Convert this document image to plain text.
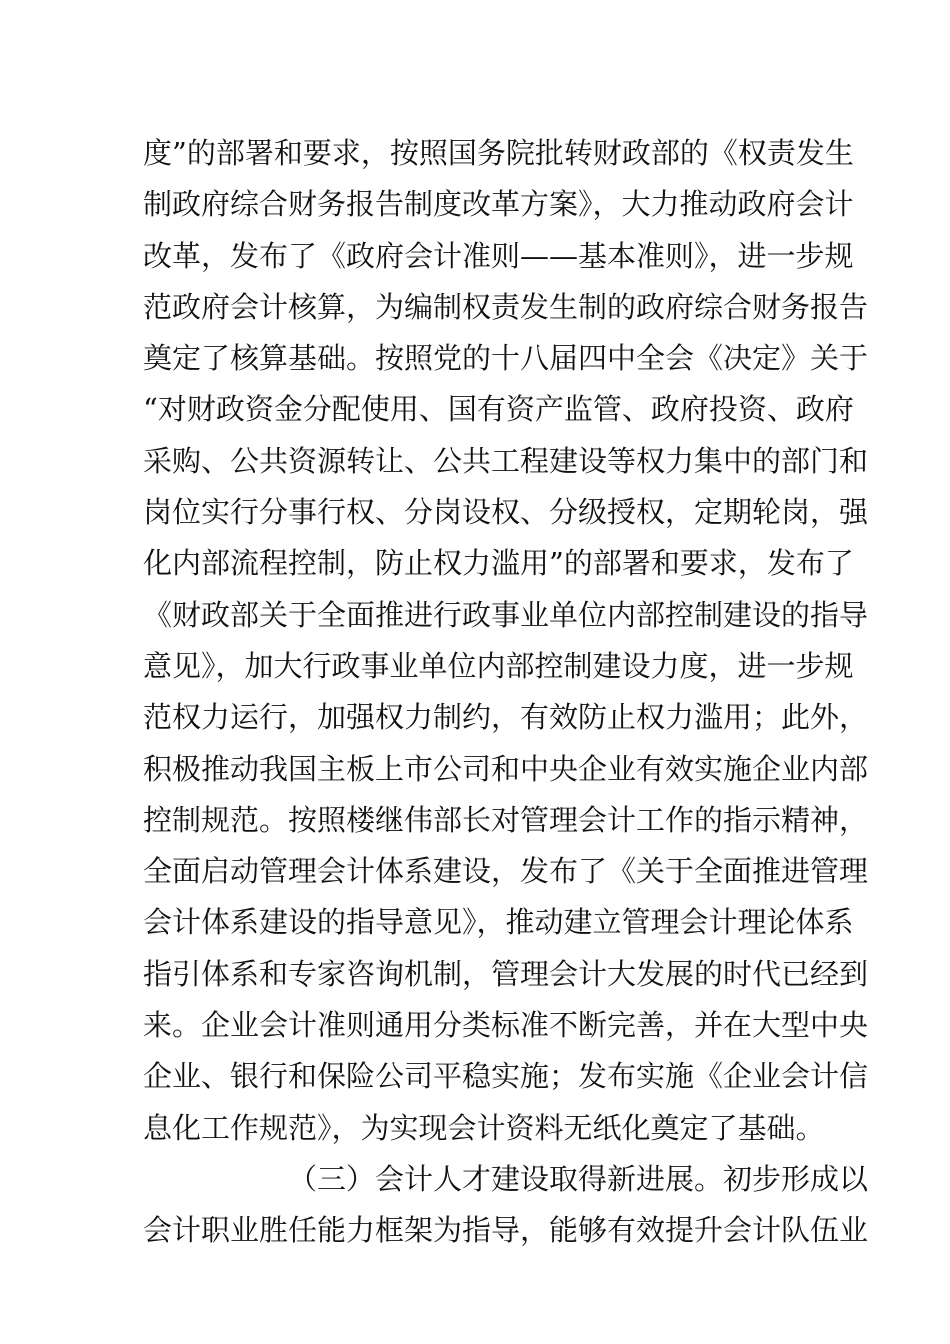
度”的部署和要求，按照国务院批转财政部的《权责发生
制政府综合财务报告制度改革方案》，大力推动政府会计
改革，发布了《政府会计准则——基本准则》，进一步规
范政府会计核算，为编制权责发生制的政府综合财务报告
奠定了核算基础。按照党的十八届四中全会《决定》关于
“对财政资金分配使用、国有资产监管、政府投资、政府
采购、公共资源转让、公共工程建设等权力集中的部门和
岗位实行分事行权、分岗设权、分级授权，定期轮岗，强
化内部流程控制，防止权力滥用”的部署和要求，发布了
《财政部关于全面推进行政事业单位内部控制建设的指导
意见》，加大行政事业单位内部控制建设力度，进一步规
范权力运行，加强权力制约，有效防止权力滥用；此外，
积极推动我国主板上市公司和中央企业有效实施企业内部
控制规范。按照楼继伟部长对管理会计工作的指示精神，
全面启动管理会计体系建设，发布了《关于全面推进管理
会计体系建设的指导意见》，推动建立管理会计理论体系
指引体系和专家咨询机制，管理会计大发展的时代已经到
来。企业会计准则通用分类标准不断完善，并在大型中央
企业、银行和保险公司平稳实施；发布实施《企业会计信
息化工作规范》，为实现会计资料无纸化奠定了基础。
（三）会计人才建设取得新进展。初步形成以
会计职业胜任能力框架为指导，能够有效提升会计队伍业
